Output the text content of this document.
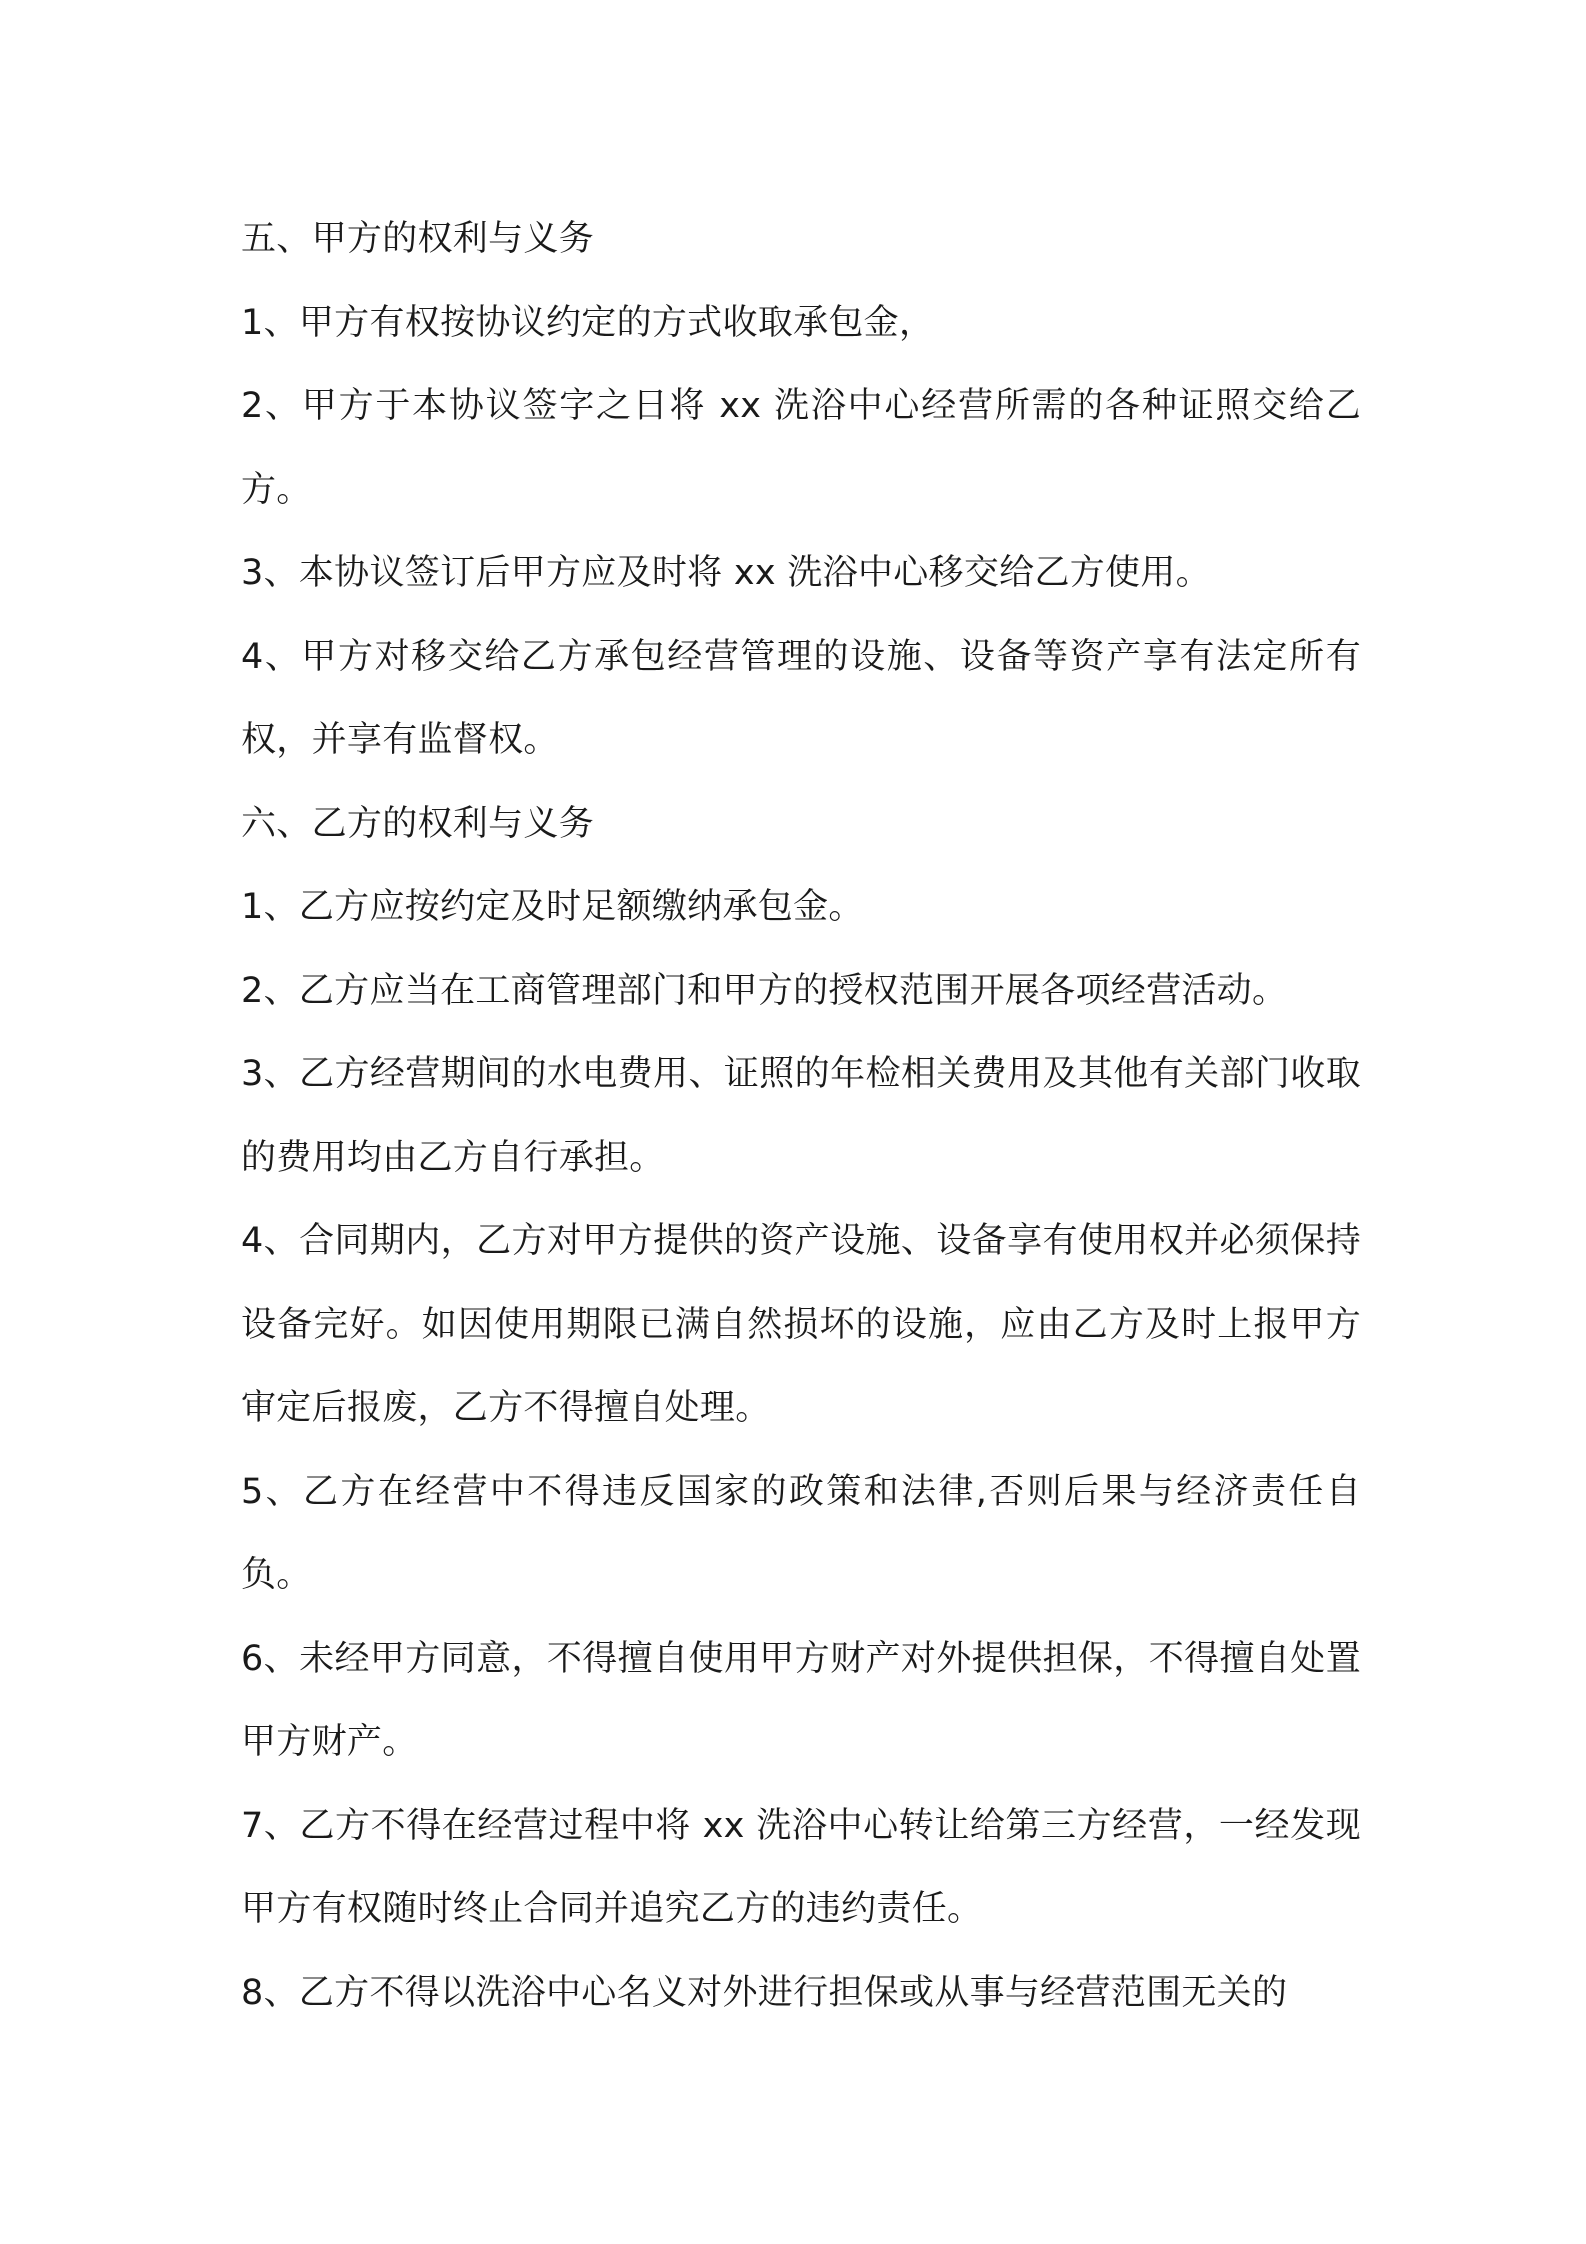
五、甲方的权利与义务

1、甲方有权按协议约定的方式收取承包金，

2、甲方于本协议签字之日将 xx 洗浴中心经营所需的各种证照交给乙方。

3、本协议签订后甲方应及时将 xx 洗浴中心移交给乙方使用。

4、甲方对移交给乙方承包经营管理的设施、设备等资产享有法定所有权，并享有监督权。

六、乙方的权利与义务

1、乙方应按约定及时足额缴纳承包金。

2、乙方应当在工商管理部门和甲方的授权范围开展各项经营活动。

3、乙方经营期间的水电费用、证照的年检相关费用及其他有关部门收取的费用均由乙方自行承担。

4、合同期内，乙方对甲方提供的资产设施、设备享有使用权并必须保持设备完好。如因使用期限已满自然损坏的设施，应由乙方及时上报甲方审定后报废，乙方不得擅自处理。

5、乙方在经营中不得违反国家的政策和法律,否则后果与经济责任自负。

6、未经甲方同意，不得擅自使用甲方财产对外提供担保，不得擅自处置甲方财产。

7、乙方不得在经营过程中将 xx 洗浴中心转让给第三方经营，一经发现甲方有权随时终止合同并追究乙方的违约责任。

8、乙方不得以洗浴中心名义对外进行担保或从事与经营范围无关的
